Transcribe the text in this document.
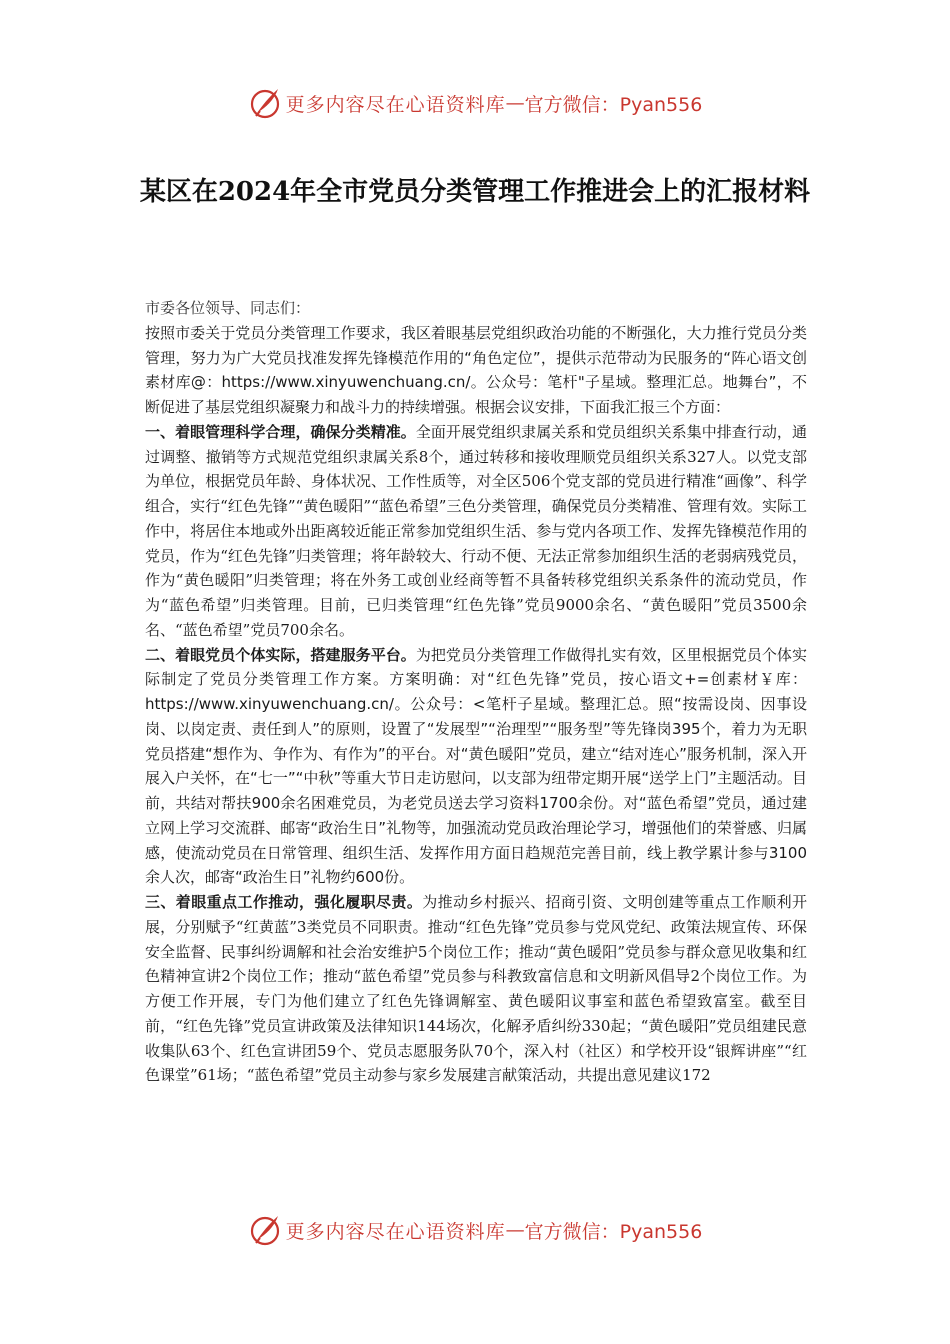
更多内容尽在心语资料库 — 官方微信：Pyan556
某区在2024年全市党员分类管理工作推进会上的汇报材料

市委各位领导、同志们：

按照市委关于党员分类管理工作要求，我区着眼基层党组织政治功能的不断强化，大力推行党员分类管理，努力为广大党员找准发挥先锋模范作用的“角色定位”，提供示范带动为民服务的“阵心语文创素材库@：https://www.xinyuwenchuang.cn/。公众号：笔杆"子星域。整理汇总。地舞台”，不断促进了基层党组织凝聚力和战斗力的持续增强。根据会议安排，下面我汇报三个方面：

一、着眼管理科学合理，确保分类精准。全面开展党组织隶属关系和党员组织关系集中排查行动，通过调整、撤销等方式规范党组织隶属关系8个，通过转移和接收理顺党员组织关系327人。以党支部为单位，根据党员年龄、身体状况、工作性质等，对全区506个党支部的党员进行精准“画像”、科学组合，实行“红色先锋”“黄色暖阳”“蓝色希望”三色分类管理，确保党员分类精准、管理有效。实际工作中，将居住本地或外出距离较近能正常参加党组织生活、参与党内各项工作、发挥先锋模范作用的党员，作为“红色先锋”归类管理；将年龄较大、行动不便、无法正常参加组织生活的老弱病残党员，作为“黄色暖阳”归类管理；将在外务工或创业经商等暂不具备转移党组织关系条件的流动党员，作为“蓝色希望”归类管理。目前，已归类管理“红色先锋”党员9000余名、“黄色暖阳”党员3500余名、“蓝色希望”党员700余名。

二、着眼党员个体实际，搭建服务平台。为把党员分类管理工作做得扎实有效，区里根据党员个体实际制定了党员分类管理工作方案。方案明确：对“红色先锋”党员，按心语文+=创素材￥库：https://www.xinyuwenchuang.cn/。公众号：<笔杆子星域。整理汇总。照“按需设岗、因事设岗、以岗定责、责任到人”的原则，设置了“发展型”“治理型”“服务型”等先锋岗395个，着力为无职党员搭建“想作为、争作为、有作为”的平台。对“黄色暖阳”党员，建立“结对连心”服务机制，深入开展入户关怀，在“七一”“中秋”等重大节日走访慰问，以支部为纽带定期开展“送学上门”主题活动。目前，共结对帮扶900余名困难党员，为老党员送去学习资料1700余份。对“蓝色希望”党员，通过建立网上学习交流群、邮寄“政治生日”礼物等，加强流动党员政治理论学习，增强他们的荣誉感、归属感，使流动党员在日常管理、组织生活、发挥作用方面日趋规范完善目前，线上教学累计参与3100余人次，邮寄“政治生日”礼物约600份。

三、着眼重点工作推动，强化履职尽责。为推动乡村振兴、招商引资、文明创建等重点工作顺利开展，分别赋予“红黄蓝”3类党员不同职责。推动“红色先锋”党员参与党风党纪、政策法规宣传、环保安全监督、民事纠纷调解和社会治安维护5个岗位工作；推动“黄色暖阳”党员参与群众意见收集和红色精神宣讲2个岗位工作；推动“蓝色希望”党员参与科教致富信息和文明新风倡导2个岗位工作。为方便工作开展，专门为他们建立了红色先锋调解室、黄色暖阳议事室和蓝色希望致富室。截至目前，“红色先锋”党员宣讲政策及法律知识144场次，化解矛盾纠纷330起；“黄色暖阳”党员组建民意收集队63个、红色宣讲团59个、党员志愿服务队70个，深入村（社区）和学校开设“银辉讲座”“红色课堂”61场；“蓝色希望”党员主动参与家乡发展建言献策活动，共提出意见建议172

更多内容尽在心语资料库 — 官方微信：Pyan556
